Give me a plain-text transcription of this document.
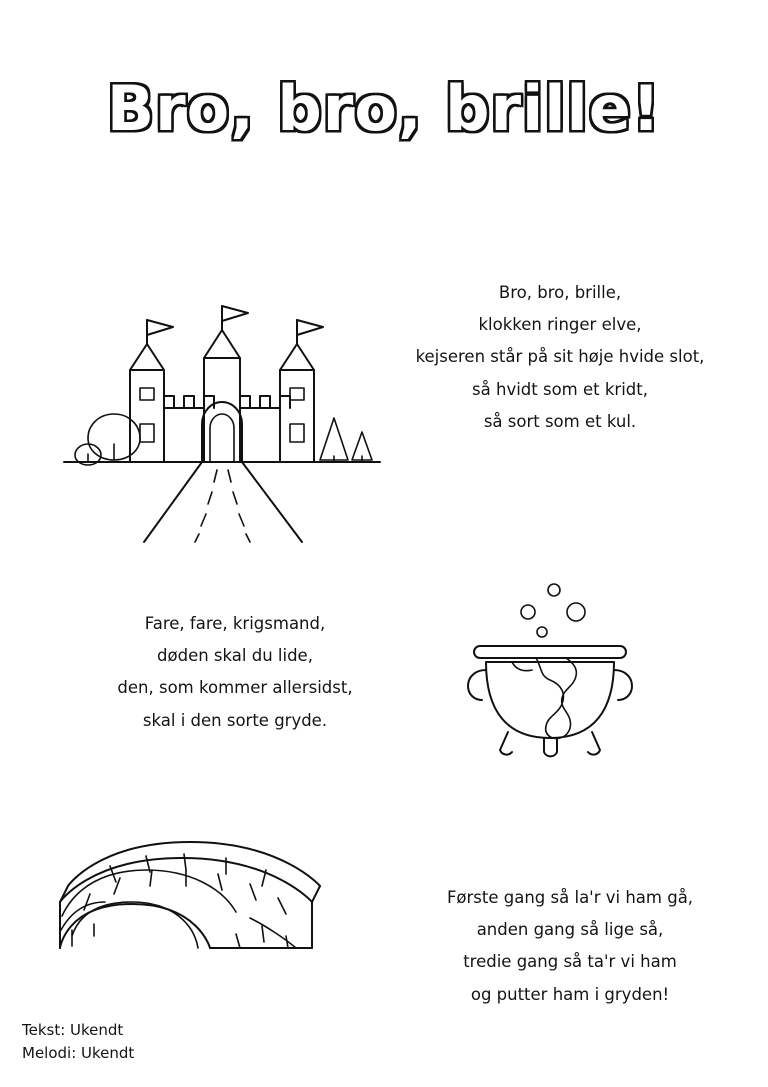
Bro, bro, brille!
Bro, bro, brille,
klokken ringer elve,
kejseren står på sit høje hvide slot,
så hvidt som et kridt,
så sort som et kul.
Fare, fare, krigsmand,
døden skal du lide,
den, som kommer allersidst,
skal i den sorte gryde.
Første gang så la'r vi ham gå,
anden gang så lige så,
tredie gang så ta'r vi ham
og putter ham i gryden!
Tekst: Ukendt
Melodi: Ukendt
